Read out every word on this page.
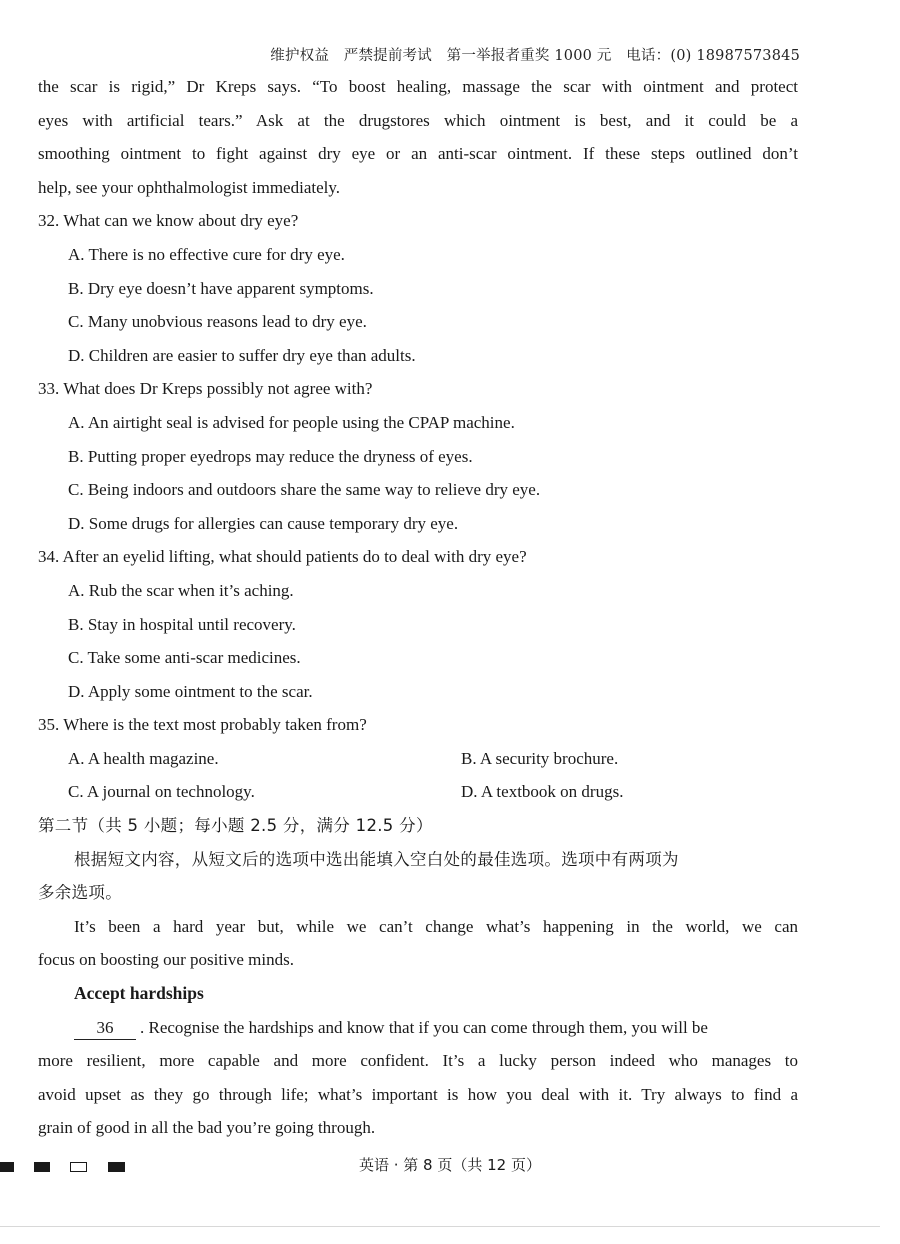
维护权益　严禁提前考试　第一举报者重奖 1000 元　电话：(0) 18987573845
the scar is rigid,” Dr Kreps says. “To boost healing, massage the scar with ointment and protect
eyes with artificial tears.” Ask at the drugstores which ointment is best, and it could be a
smoothing ointment to fight against dry eye or an anti-scar ointment. If these steps outlined don’t
help, see your ophthalmologist immediately.
32. What can we know about dry eye?
A. There is no effective cure for dry eye.
B. Dry eye doesn’t have apparent symptoms.
C. Many unobvious reasons lead to dry eye.
D. Children are easier to suffer dry eye than adults.
33. What does Dr Kreps possibly not agree with?
A. An airtight seal is advised for people using the CPAP machine.
B. Putting proper eyedrops may reduce the dryness of eyes.
C. Being indoors and outdoors share the same way to relieve dry eye.
D. Some drugs for allergies can cause temporary dry eye.
34. After an eyelid lifting, what should patients do to deal with dry eye?
A. Rub the scar when it’s aching.
B. Stay in hospital until recovery.
C. Take some anti-scar medicines.
D. Apply some ointment to the scar.
35. Where is the text most probably taken from?
A. A health magazine.	B. A security brochure.
C. A journal on technology.	D. A textbook on drugs.
第二节（共 5 小题；每小题 2.5 分，满分 12.5 分）
根据短文内容，从短文后的选项中选出能填入空白处的最佳选项。选项中有两项为
多余选项。
It’s been a hard year but, while we can’t change what’s happening in the world, we can
focus on boosting our positive minds.
Accept hardships
36 . Recognise the hardships and know that if you can come through them, you will be
more resilient, more capable and more confident. It’s a lucky person indeed who manages to
avoid upset as they go through life; what’s important is how you deal with it. Try always to find a
grain of good in all the bad you’re going through.
英语 · 第 8 页（共 12 页）
